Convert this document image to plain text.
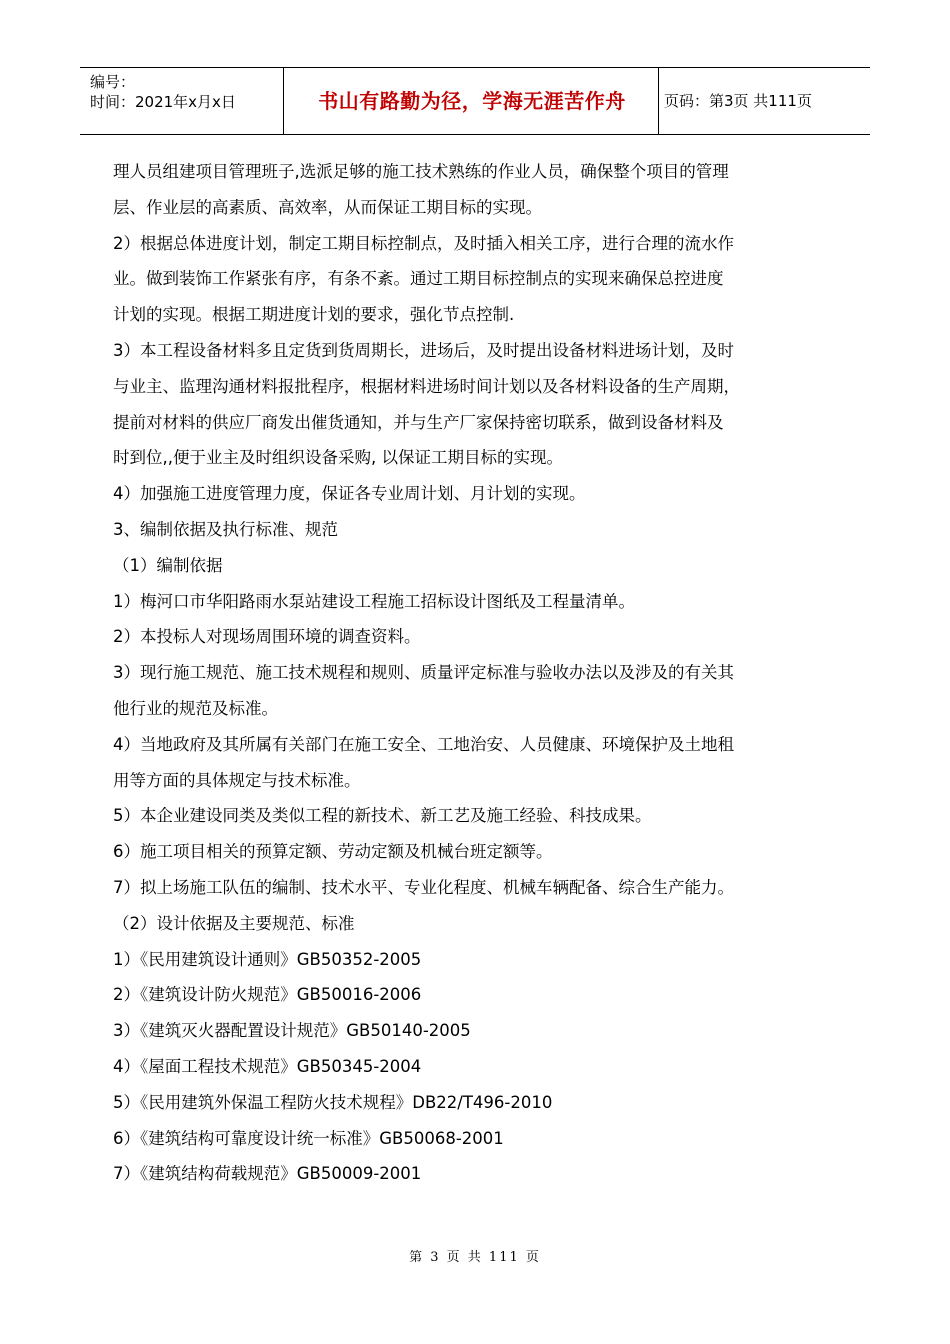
编号：
时间：2021年x月x日	书山有路勤为径，学海无涯苦作舟	页码：第3页 共111页
理人员组建项目管理班子,选派足够的施工技术熟练的作业人员，确保整个项目的管理
层、作业层的高素质、高效率，从而保证工期目标的实现。
2）根据总体进度计划，制定工期目标控制点，及时插入相关工序，进行合理的流水作
业。做到装饰工作紧张有序，有条不紊。通过工期目标控制点的实现来确保总控进度
计划的实现。根据工期进度计划的要求，强化节点控制.
3）本工程设备材料多且定货到货周期长，进场后，及时提出设备材料进场计划，及时
与业主、监理沟通材料报批程序，根据材料进场时间计划以及各材料设备的生产周期，
提前对材料的供应厂商发出催货通知，并与生产厂家保持密切联系，做到设备材料及
时到位,,便于业主及时组织设备采购, 以保证工期目标的实现。
4）加强施工进度管理力度，保证各专业周计划、月计划的实现。
3、编制依据及执行标准、规范
（1）编制依据
1）梅河口市华阳路雨水泵站建设工程施工招标设计图纸及工程量清单。
2）本投标人对现场周围环境的调查资料。
3）现行施工规范、施工技术规程和规则、质量评定标准与验收办法以及涉及的有关其
他行业的规范及标准。
4）当地政府及其所属有关部门在施工安全、工地治安、人员健康、环境保护及土地租
用等方面的具体规定与技术标准。
5）本企业建设同类及类似工程的新技术、新工艺及施工经验、科技成果。
6）施工项目相关的预算定额、劳动定额及机械台班定额等。
7）拟上场施工队伍的编制、技术水平、专业化程度、机械车辆配备、综合生产能力。
（2）设计依据及主要规范、标准
1）《民用建筑设计通则》GB50352-2005
2）《建筑设计防火规范》GB50016-2006
3）《建筑灭火器配置设计规范》GB50140-2005
4）《屋面工程技术规范》GB50345-2004
5）《民用建筑外保温工程防火技术规程》DB22/T496-2010
6）《建筑结构可靠度设计统一标准》GB50068-2001
7）《建筑结构荷载规范》GB50009-2001
第 3 页 共 111 页
